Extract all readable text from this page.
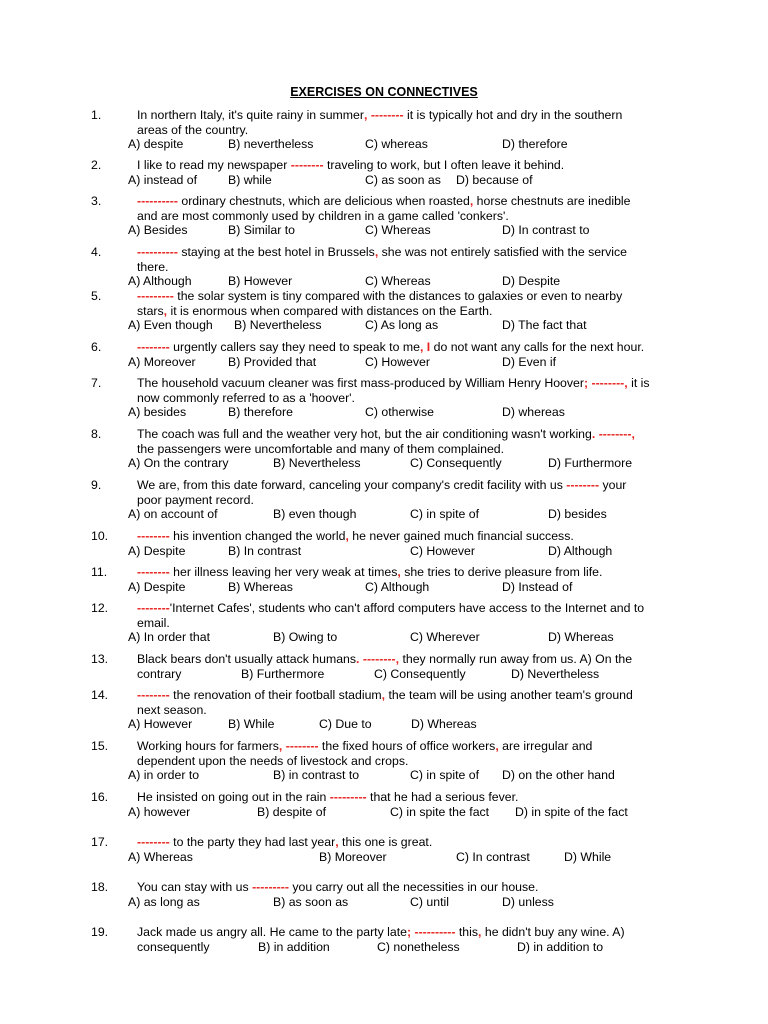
EXERCISES ON CONNECTIVES
1.	In northern Italy, it's quite rainy in summer, -------- it is typically hot and dry in the southern
areas of the country.
A) despite	B) nevertheless	C) whereas	D) therefore
2.	I like to read my newspaper -------- traveling to work, but I often leave it behind.
A) instead of	B) while	C) as soon as D) because of
3.	---------- ordinary chestnuts, which are delicious when roasted, horse chestnuts are inedible
and are most commonly used by children in a game called 'conkers'.
A) Besides	B) Similar to	C) Whereas	D) In contrast to
4.	---------- staying at the best hotel in Brussels, she was not entirely satisfied with the service
there.
A) Although	B) However	C) Whereas	D) Despite
5.	--------- the solar system is tiny compared with the distances to galaxies or even to nearby
stars, it is enormous when compared with distances on the Earth.
A) Even though B) Nevertheless	C) As long as	D) The fact that
6.	-------- urgently callers say they need to speak to me, I do not want any calls for the next hour.
A) Moreover	B) Provided that	C) However	D) Even if
7.	The household vacuum cleaner was first mass-produced by William Henry Hoover; --------, it is
now commonly referred to as a 'hoover'.
A) besides	B) therefore	C) otherwise	D) whereas
8.	The coach was full and the weather very hot, but the air conditioning wasn't working. --------,
the passengers were uncomfortable and many of them complained.
A) On the contrary	B) Nevertheless	C) Consequently	D) Furthermore
9.	We are, from this date forward, canceling your company's credit facility with us -------- your
poor payment record.
A) on account of	B) even though	C) in spite of	D) besides
10. -------- his invention changed the world, he never gained much financial success.
A) Despite	B) In contrast	C) However	D) Although
11. -------- her illness leaving her very weak at times, she tries to derive pleasure from life.
A) Despite	B) Whereas	C) Although	D) Instead of
12. --------'Internet Cafes', students who can't afford computers have access to the Internet and to
email.
A) In order that	B) Owing to	C) Wherever	D) Whereas
13. Black bears don't usually attack humans. --------, they normally run away from us. A) On the
contrary	B) Furthermore	C) Consequently	D) Nevertheless
14. -------- the renovation of their football stadium, the team will be using another team's ground
next season.
A) However	B) While	C) Due to	D) Whereas
15. Working hours for farmers, -------- the fixed hours of office workers, are irregular and
dependent upon the needs of livestock and crops.
A) in order to	B) in contrast to	C) in spite of D) on the other hand
16. He insisted on going out in the rain --------- that he had a serious fever.
A) however	B) despite of	C) in spite the fact D) in spite of the fact
17. -------- to the party they had last year, this one is great.
A) Whereas	B) Moreover	C) In contrast	D) While
18. You can stay with us --------- you carry out all the necessities in our house.
A) as long as	B) as soon as	C) until	D) unless
19. Jack made us angry all. He came to the party late; ---------- this, he didn't buy any wine. A)
consequently	B) in addition	C) nonetheless	D) in addition to
